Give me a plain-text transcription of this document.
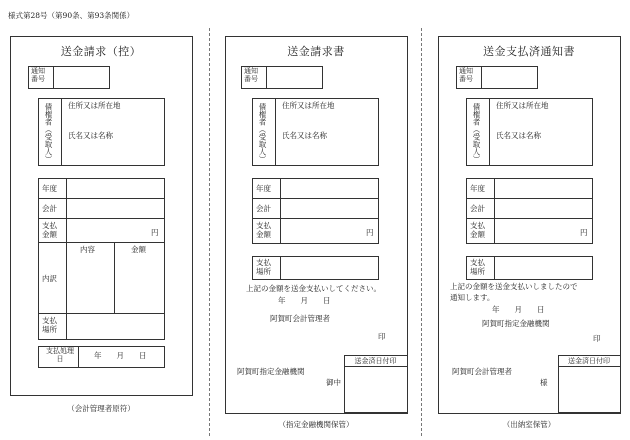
様式第28号（第90条、第93条関係）
送金請求（控）
通知番号
債権者（受取人） 住所又は所在地
氏名又は名称
年度
会計
支払金額	円
内訳
内容	金額
支払場所
支払処理日	年　　月　　日
（会計管理者原符）
送金請求書
通知番号
債権者（受取人） 住所又は所在地
氏名又は名称
年度
会計
支払金額	円
支払場所
上記の金額を送金支払いしてください。
年　　月　　日
阿賀町会計管理者
印
送金済日付印
阿賀町指定金融機関
御中
（指定金融機関保管）
送金支払済通知書
通知番号
債権者（受取人） 住所又は所在地
氏名又は名称
年度
会計
支払金額	円
支払場所
上記の金額を送金支払いしましたので
通知します。
年　　月　　日
阿賀町指定金融機関
印
送金済日付印
阿賀町会計管理者
様
（出納室保管）
